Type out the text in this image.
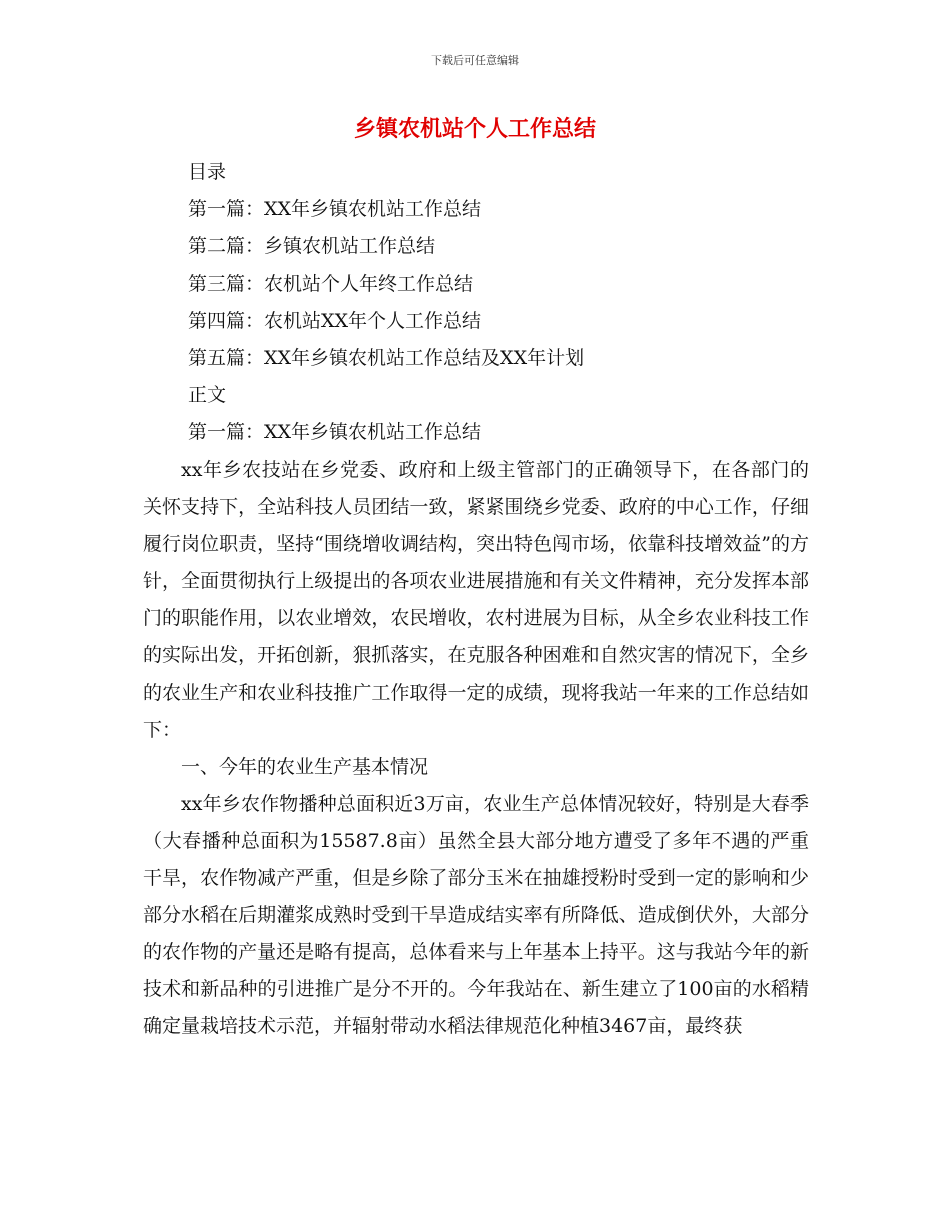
下载后可任意编辑
乡镇农机站个人工作总结
目录
第一篇：XX年乡镇农机站工作总结
第二篇：乡镇农机站工作总结
第三篇：农机站个人年终工作总结
第四篇：农机站XX年个人工作总结
第五篇：XX年乡镇农机站工作总结及XX年计划
正文
第一篇：XX年乡镇农机站工作总结

xx年乡农技站在乡党委、政府和上级主管部门的正确领导下，在各部门的关怀支持下，全站科技人员团结一致，紧紧围绕乡党委、政府的中心工作，仔细履行岗位职责，坚持“围绕增收调结构，突出特色闯市场，依靠科技增效益”的方针，全面贯彻执行上级提出的各项农业进展措施和有关文件精神，充分发挥本部门的职能作用，以农业增效，农民增收，农村进展为目标，从全乡农业科技工作的实际出发，开拓创新，狠抓落实，在克服各种困难和自然灾害的情况下，全乡的农业生产和农业科技推广工作取得一定的成绩，现将我站一年来的工作总结如下：

一、今年的农业生产基本情况

xx年乡农作物播种总面积近3万亩，农业生产总体情况较好，特别是大春季（大春播种总面积为15587.8亩）虽然全县大部分地方遭受了多年不遇的严重干旱，农作物减产严重，但是乡除了部分玉米在抽雄授粉时受到一定的影响和少部分水稻在后期灌浆成熟时受到干旱造成结实率有所降低、造成倒伏外，大部分的农作物的产量还是略有提高，总体看来与上年基本上持平。这与我站今年的新技术和新品种的引进推广是分不开的。今年我站在、新生建立了100亩的水稻精确定量栽培技术示范，并辐射带动水稻法律规范化种植3467亩，最终获
